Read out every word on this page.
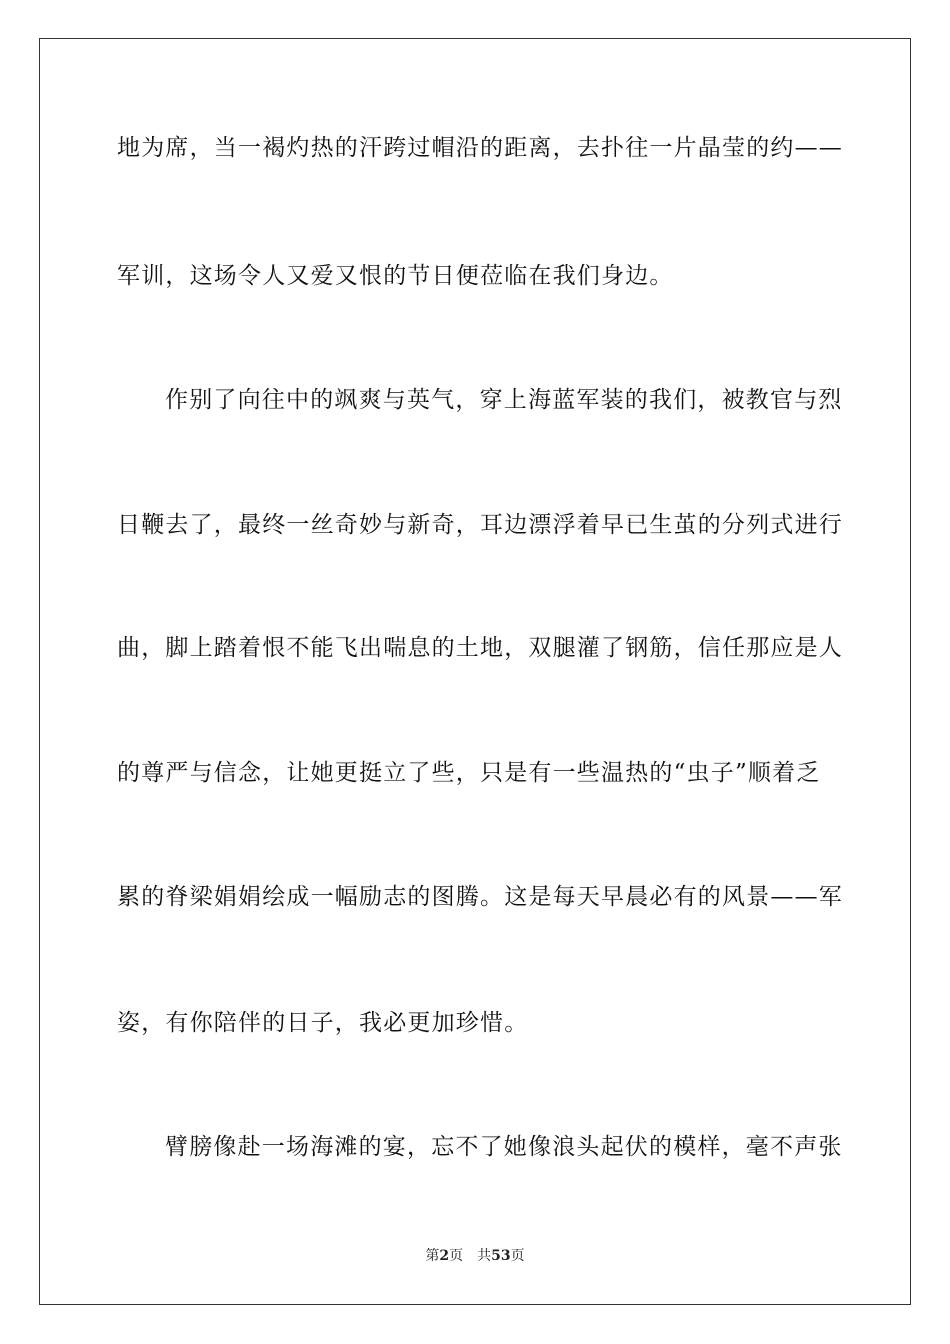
地为席，当一褐灼热的汗跨过帽沿的距离，去扑往一片晶莹的约——
军训，这场令人又爱又恨的节日便莅临在我们身边。
作别了向往中的飒爽与英气，穿上海蓝军装的我们，被教官与烈
日鞭去了，最终一丝奇妙与新奇，耳边漂浮着早已生茧的分列式进行
曲，脚上踏着恨不能飞出喘息的土地，双腿灌了钢筋，信任那应是人
的尊严与信念，让她更挺立了些，只是有一些温热的“虫子”顺着乏
累的脊梁娟娟绘成一幅励志的图腾。这是每天早晨必有的风景——军
姿，有你陪伴的日子，我必更加珍惜。
臂膀像赴一场海滩的宴，忘不了她像浪头起伏的模样，毫不声张
第2页 共53页
